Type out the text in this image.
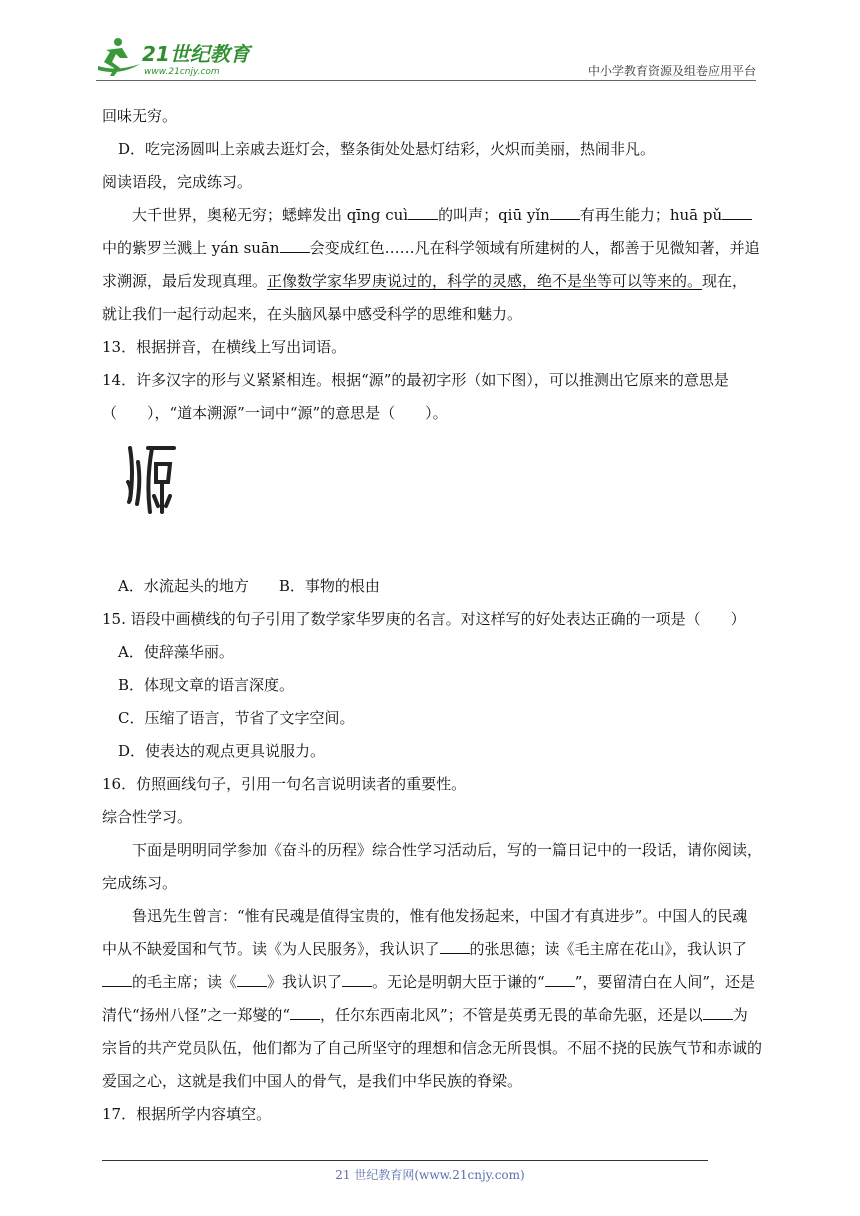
21世纪教育
www.21cnjy.com	中小学教育资源及组卷应用平台

回味无穷。

D．吃完汤圆叫上亲戚去逛灯会，整条街处处悬灯结彩，火炽而美丽，热闹非凡。

阅读语段，完成练习。

大千世界，奥秘无穷；蟋蟀发出 qīng cuì 的叫声；qiū yǐn 有再生能力；huā pǔ中的紫罗兰溅上 yán suān 会变成红色……凡在科学领域有所建树的人，都善于见微知著，并追求溯源，最后发现真理。正像数学家华罗庚说过的，科学的灵感，绝不是坐等可以等来的。现在，就让我们一起行动起来，在头脑风暴中感受科学的思维和魅力。

13．根据拼音，在横线上写出词语。

14．许多汉字的形与义紧紧相连。根据“源”的最初字形（如下图），可以推测出它原来的意思是（　　），“道本溯源”一词中“源”的意思是（　　）。

A．水流起头的地方　　B．事物的根由

15. 语段中画横线的句子引用了数学家华罗庚的名言。对这样写的好处表达正确的一项是（　　）

A．使辞藻华丽。

B．体现文章的语言深度。

C．压缩了语言，节省了文字空间。

D．使表达的观点更具说服力。

16．仿照画线句子，引用一句名言说明读者的重要性。

综合性学习。

下面是明明同学参加《奋斗的历程》综合性学习活动后，写的一篇日记中的一段话，请你阅读，完成练习。

鲁迅先生曾言：“惟有民魂是值得宝贵的，惟有他发扬起来，中国才有真进步”。中国人的民魂中从不缺爱国和气节。读《为人民服务》，我认识了 的张思德；读《毛主席在花山》，我认识了的毛主席；读《 》我认识了 。无论是明朝大臣于谦的“ ”，要留清白在人间”，还是清代“扬州八怪”之一郑燮的“ ，任尔东西南北风”；不管是英勇无畏的革命先驱，还是以 为宗旨的共产党员队伍，他们都为了自己所坚守的理想和信念无所畏惧。不屈不挠的民族气节和赤诚的爱国之心，这就是我们中国人的骨气，是我们中华民族的脊梁。

17．根据所学内容填空。

21 世纪教育网(www.21cnjy.com)
